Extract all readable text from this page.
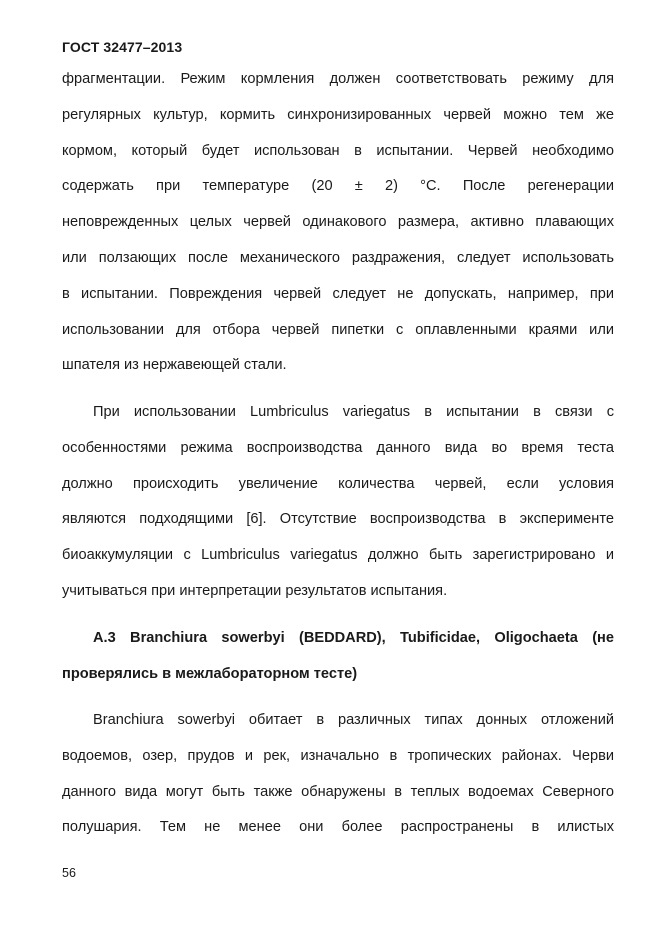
ГОСТ 32477–2013
фрагментации. Режим кормления должен соответствовать режиму для
регулярных культур, кормить синхронизированных червей можно тем же
кормом, который будет использован в испытании. Червей необходимо
содержать при температуре (20 ± 2) °С. После регенерации
неповрежденных целых червей одинакового размера, активно плавающих
или ползающих после механического раздражения, следует использовать
в испытании. Повреждения червей следует не допускать, например, при
использовании для отбора червей пипетки с оплавленными краями или
шпателя из нержавеющей стали.
При использовании Lumbriculus variegatus в испытании в связи с
особенностями режима воспроизводства данного вида во время теста
должно происходить увеличение количества червей, если условия
являются подходящими [6]. Отсутствие воспроизводства в эксперименте
биоаккумуляции с Lumbriculus variegatus должно быть зарегистрировано и
учитываться при интерпретации результатов испытания.
А.3 Branchiura sowerbyi (BEDDARD), Tubificidae, Oligochaeta (не
проверялись в межлабораторном тесте)
Branchiura sowerbyi обитает в различных типах донных отложений
водоемов, озер, прудов и рек, изначально в тропических районах. Черви
данного вида могут быть также обнаружены в теплых водоемах Северного
полушария. Тем не менее они более распространены в илистых
56
